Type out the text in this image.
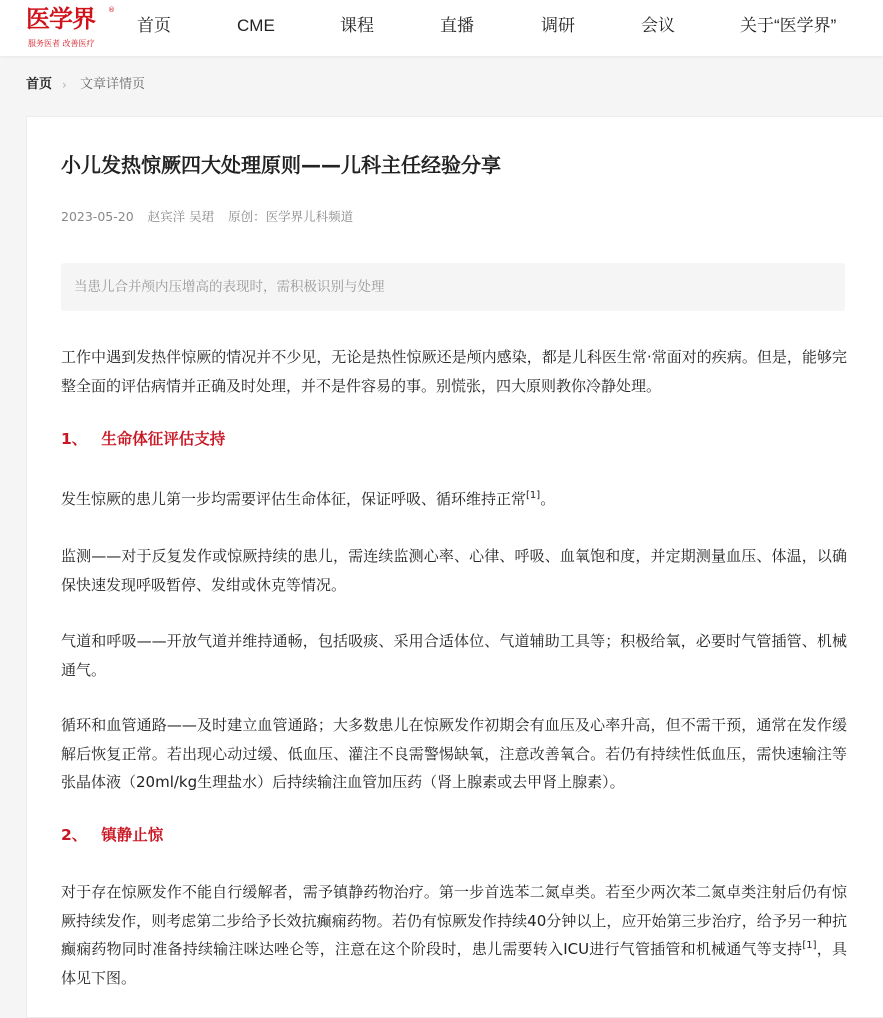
医学界 ®
服务医者 改善医疗
首页	CME	课程	直播	调研	会议	关于“医学界”
首页 › 文章详情页
小儿发热惊厥四大处理原则——儿科主任经验分享
2023-05-20 赵宾洋 吴珺 原创：医学界儿科频道
当患儿合并颅内压增高的表现时，需积极识别与处理

工作中遇到发热伴惊厥的情况并不少见，无论是热性惊厥还是颅内感染，都是儿科医生常·常面对的疾病。但是，能够完整全面的评估病情并正确及时处理，并不是件容易的事。别慌张，四大原则教你冷静处理。

1、 生命体征评估支持

发生惊厥的患儿第一步均需要评估生命体征，保证呼吸、循环维持正常[1]。

监测——对于反复发作或惊厥持续的患儿，需连续监测心率、心律、呼吸、血氧饱和度，并定期测量血压、体温，以确保快速发现呼吸暂停、发绀或休克等情况。

气道和呼吸——开放气道并维持通畅，包括吸痰、采用合适体位、气道辅助工具等；积极给氧，必要时气管插管、机械通气。

循环和血管通路——及时建立血管通路；大多数患儿在惊厥发作初期会有血压及心率升高，但不需干预，通常在发作缓解后恢复正常。若出现心动过缓、低血压、灌注不良需警惕缺氧，注意改善氧合。若仍有持续性低血压，需快速输注等张晶体液（20ml/kg生理盐水）后持续输注血管加压药（肾上腺素或去甲肾上腺素）。

2、 镇静止惊

对于存在惊厥发作不能自行缓解者，需予镇静药物治疗。第一步首选苯二氮卓类。若至少两次苯二氮卓类注射后仍有惊厥持续发作，则考虑第二步给予长效抗癫痫药物。若仍有惊厥发作持续40分钟以上，应开始第三步治疗，给予另一种抗癫痫药物同时准备持续输注咪达唑仑等，注意在这个阶段时，患儿需要转入ICU进行气管插管和机械通气等支持[1]，具体见下图。
